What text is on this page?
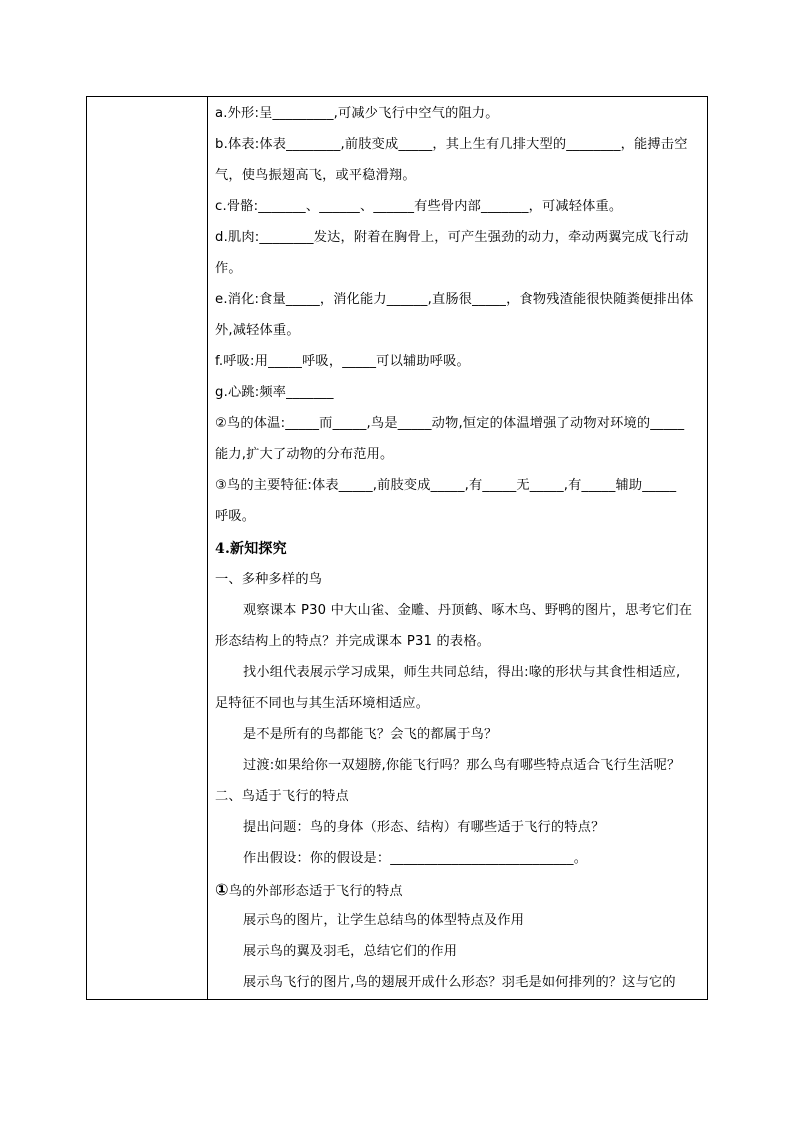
a.外形:呈_________,可减少飞行中空气的阻力。
b.体表:体表________,前肢变成_____，其上生有几排大型的________，能搏击空
气，使鸟振翅高飞，或平稳滑翔。
c.骨骼:_______、______、______有些骨内部_______，可减轻体重。
d.肌肉:________发达，附着在胸骨上，可产生强劲的动力，牵动两翼完成飞行动
作。
e.消化:食量_____，消化能力______,直肠很_____，食物残渣能很快随粪便排出体
外,减轻体重。
f.呼吸:用_____呼吸，_____可以辅助呼吸。
g.心跳:频率_______
②鸟的体温:_____而_____,鸟是_____动物,恒定的体温增强了动物对环境的_____
能力,扩大了动物的分布范用。
③鸟的主要特征:体表_____,前肢变成_____,有_____无_____,有_____辅助_____
呼吸。
4.新知探究
一、多种多样的鸟
观察课本 P30 中大山雀、金雕、丹顶鹤、啄木鸟、野鸭的图片，思考它们在
形态结构上的特点？并完成课本 P31 的表格。
找小组代表展示学习成果，师生共同总结，得出:喙的形状与其食性相适应,
足特征不同也与其生活环境相适应。
是不是所有的鸟都能飞？会飞的都属于鸟？
过渡:如果给你一双翅膀,你能飞行吗？那么鸟有哪些特点适合飞行生活呢？
二、鸟适于飞行的特点
提出问题：鸟的身体（形态、结构）有哪些适于飞行的特点？
作出假设：你的假设是：___________________________。
①鸟的外部形态适于飞行的特点
展示鸟的图片，让学生总结鸟的体型特点及作用
展示鸟的翼及羽毛，总结它们的作用
展示鸟飞行的图片,鸟的翅展开成什么形态？羽毛是如何排列的？这与它的
